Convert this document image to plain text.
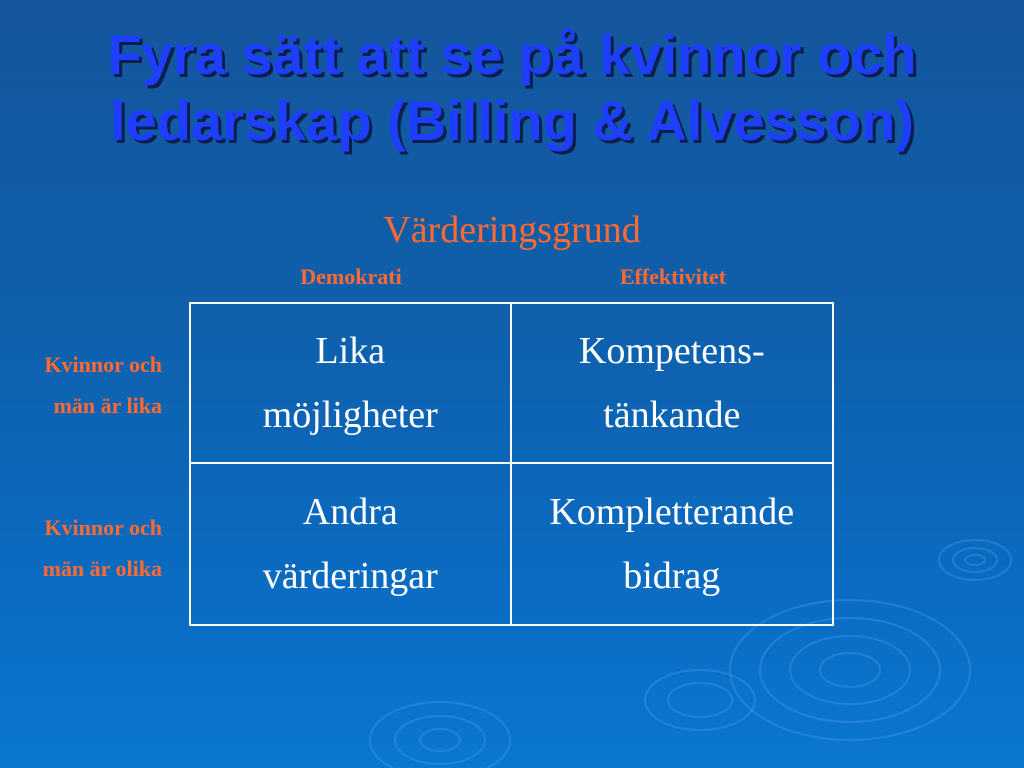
Fyra sätt att se på kvinnor och
ledarskap (Billing & Alvesson)
Värderingsgrund
Demokrati	Effektivitet
Kvinnor och
män är lika
Kvinnor och
män är olika
Lika
möjligheter
Kompetens-
tänkande
Andra
värderingar
Kompletterande
bidrag
